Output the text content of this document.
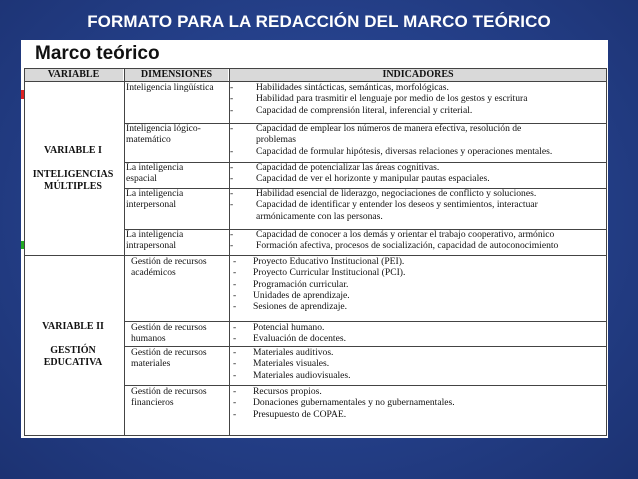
FORMATO PARA LA REDACCIÓN DEL MARCO TEÓRICO
Marco teórico
VARIABLE	DIMENSIONES	INDICADORES
VARIABLE I
INTELIGENCIAS
MÚLTIPLES
VARIABLE II
GESTIÓN
EDUCATIVA
Inteligencia lingüística
Inteligencia lógico-
matemático
La inteligencia
espacial
La inteligencia
interpersonal
La inteligencia
intrapersonal
Gestión de recursos
académicos
Gestión de recursos
humanos
Gestión de recursos
materiales
Gestión de recursos
financieros
- Habilidades sintácticas, semánticas, morfológicas.
- Habilidad para trasmitir el lenguaje por medio de los gestos y escritura
- Capacidad de comprensión literal, inferencial y criterial.
- Capacidad de emplear los números de manera efectiva, resolución de
problemas
- Capacidad de formular hipótesis, diversas relaciones y operaciones mentales.
- Capacidad de potencializar las áreas cognitivas.
- Capacidad de ver el horizonte y manipular pautas espaciales.
- Habilidad esencial de liderazgo, negociaciones de conflicto y soluciones.
- Capacidad de identificar y entender los deseos y sentimientos, interactuar
armónicamente con las personas.
- Capacidad de conocer a los demás y orientar el trabajo cooperativo, armónico
- Formación afectiva, procesos de socialización, capacidad de autoconocimiento
- Proyecto Educativo Institucional (PEI).
- Proyecto Curricular Institucional (PCI).
- Programación curricular.
- Unidades de aprendizaje.
- Sesiones de aprendizaje.
- Potencial humano.
- Evaluación de docentes.
- Materiales auditivos.
- Materiales visuales.
- Materiales audiovisuales.
- Recursos propios.
- Donaciones gubernamentales y no gubernamentales.
- Presupuesto de COPAE.
